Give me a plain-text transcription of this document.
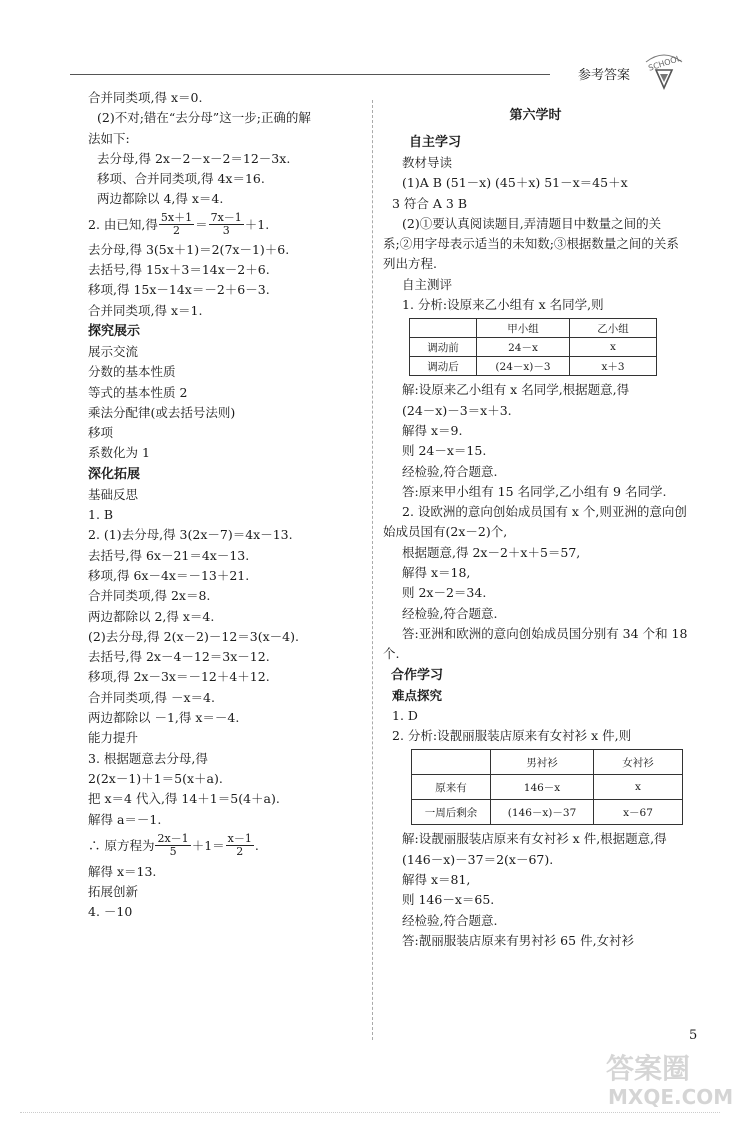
参考答案
SCHOOL
合并同类项,得 x＝0.
(2)不对;错在“去分母”这一步;正确的解
法如下:
去分母,得 2x－2－x－2＝12－3x.
移项、合并同类项,得 4x＝16.
两边都除以 4,得 x＝4.
2. 由已知,得 $\frac{5x+1}{2} = \frac{7x-1}{3} +1$.
去分母,得 3(5x＋1)＝2(7x－1)＋6.
去括号,得 15x＋3＝14x－2＋6.
移项,得 15x－14x＝－2＋6－3.
合并同类项,得 x＝1.
探究展示
展示交流
分数的基本性质
等式的基本性质 2
乘法分配律(或去括号法则)
移项
系数化为 1
深化拓展
基础反思
1. B
2. (1)去分母,得 3(2x－7)＝4x－13.
去括号,得 6x－21＝4x－13.
移项,得 6x－4x＝－13＋21.
合并同类项,得 2x＝8.
两边都除以 2,得 x＝4.
(2)去分母,得 2(x－2)－12＝3(x－4).
去括号,得 2x－4－12＝3x－12.
移项,得 2x－3x＝－12＋4＋12.
合并同类项,得 －x＝4.
两边都除以 －1,得 x＝－4.
能力提升
3. 根据题意去分母,得
2(2x－1)＋1＝5(x＋a).
把 x＝4 代入,得 14＋1＝5(4＋a).
解得 a＝－1.
∴ 原方程为 $\frac{2x-1}{5} +1= \frac{x-1}{2}$ .
解得 x＝13.
拓展创新
4. －10
第六学时
自主学习
教材导读
(1)A B (51－x) (45＋x) 51－x＝45＋x
3 符合 A 3 B
(2)①要认真阅读题目,弄清题目中数量之间的关系;②用字母表示适当的未知数;③根据数量之间的关系列出方程.
自主测评
1. 分析:设原来乙小组有 x 名同学,则
	甲小组	乙小组
调动前	24－x	x
调动后	(24－x)－3	x＋3
解:设原来乙小组有 x 名同学,根据题意,得
(24－x)－3＝x＋3.
解得 x＝9.
则 24－x＝15.
经检验,符合题意.
答:原来甲小组有 15 名同学,乙小组有 9 名同学.
2. 设欧洲的意向创始成员国有 x 个,则亚洲的意向创始成员国有(2x－2)个,
根据题意,得 2x－2＋x＋5＝57,
解得 x＝18,
则 2x－2＝34.
经检验,符合题意.
答:亚洲和欧洲的意向创始成员国分别有 34 个和 18 个.
合作学习
难点探究
1. D
2. 分析:设靓丽服装店原来有女衬衫 x 件,则
	男衬衫	女衬衫
原来有	146－x	x
一周后剩余	(146－x)－37	x－67
解:设靓丽服装店原来有女衬衫 x 件,根据题意,得
(146－x)－37＝2(x－67).
解得 x＝81,
则 146－x＝65.
经检验,符合题意.
答:靓丽服装店原来有男衬衫 65 件,女衬衫
5
答案圈
MXQE.COM
